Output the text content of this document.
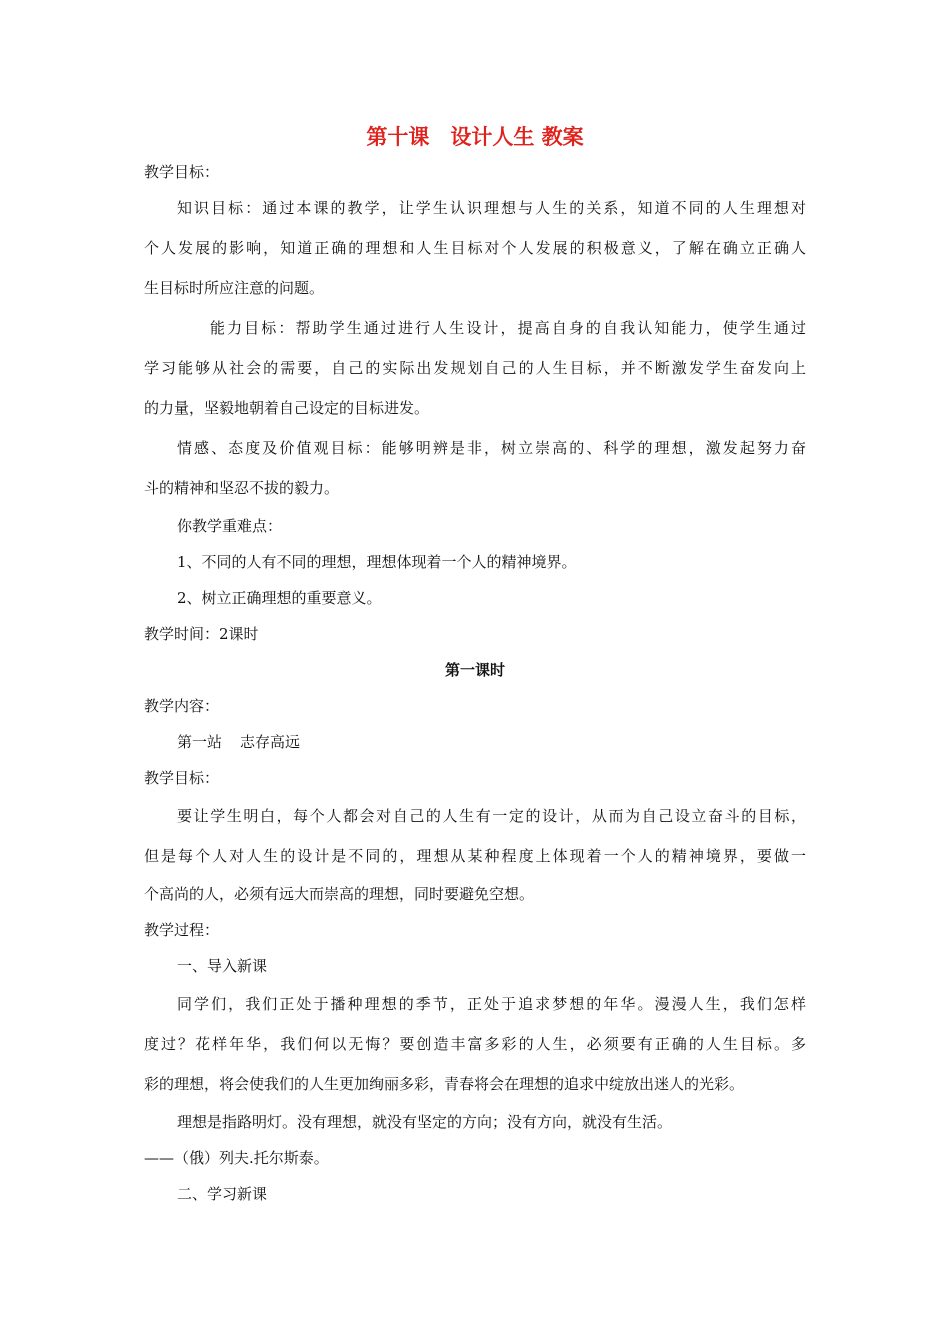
第十课　设计人生 教案
教学目标：
知识目标：通过本课的教学，让学生认识理想与人生的关系，知道不同的人生理想对
个人发展的影响，知道正确的理想和人生目标对个人发展的积极意义，了解在确立正确人
生目标时所应注意的问题。
能力目标：帮助学生通过进行人生设计，提高自身的自我认知能力，使学生通过
学习能够从社会的需要，自己的实际出发规划自己的人生目标，并不断激发学生奋发向上
的力量，坚毅地朝着自己设定的目标进发。
情感、态度及价值观目标：能够明辨是非，树立崇高的、科学的理想，激发起努力奋
斗的精神和坚忍不拔的毅力。
你教学重难点：
1、不同的人有不同的理想，理想体现着一个人的精神境界。
2、树立正确理想的重要意义。
教学时间：2课时
第一课时
教学内容：
第一站 志存高远
教学目标：
要让学生明白，每个人都会对自己的人生有一定的设计，从而为自己设立奋斗的目标，
但是每个人对人生的设计是不同的，理想从某种程度上体现着一个人的精神境界，要做一
个高尚的人，必须有远大而崇高的理想，同时要避免空想。
教学过程：
一、导入新课
同学们，我们正处于播种理想的季节，正处于追求梦想的年华。漫漫人生，我们怎样
度过？花样年华，我们何以无悔？要创造丰富多彩的人生，必须要有正确的人生目标。多
彩的理想，将会使我们的人生更加绚丽多彩，青春将会在理想的追求中绽放出迷人的光彩。
理想是指路明灯。没有理想，就没有坚定的方向；没有方向，就没有生活。
——（俄）列夫.托尔斯泰。
二、学习新课
